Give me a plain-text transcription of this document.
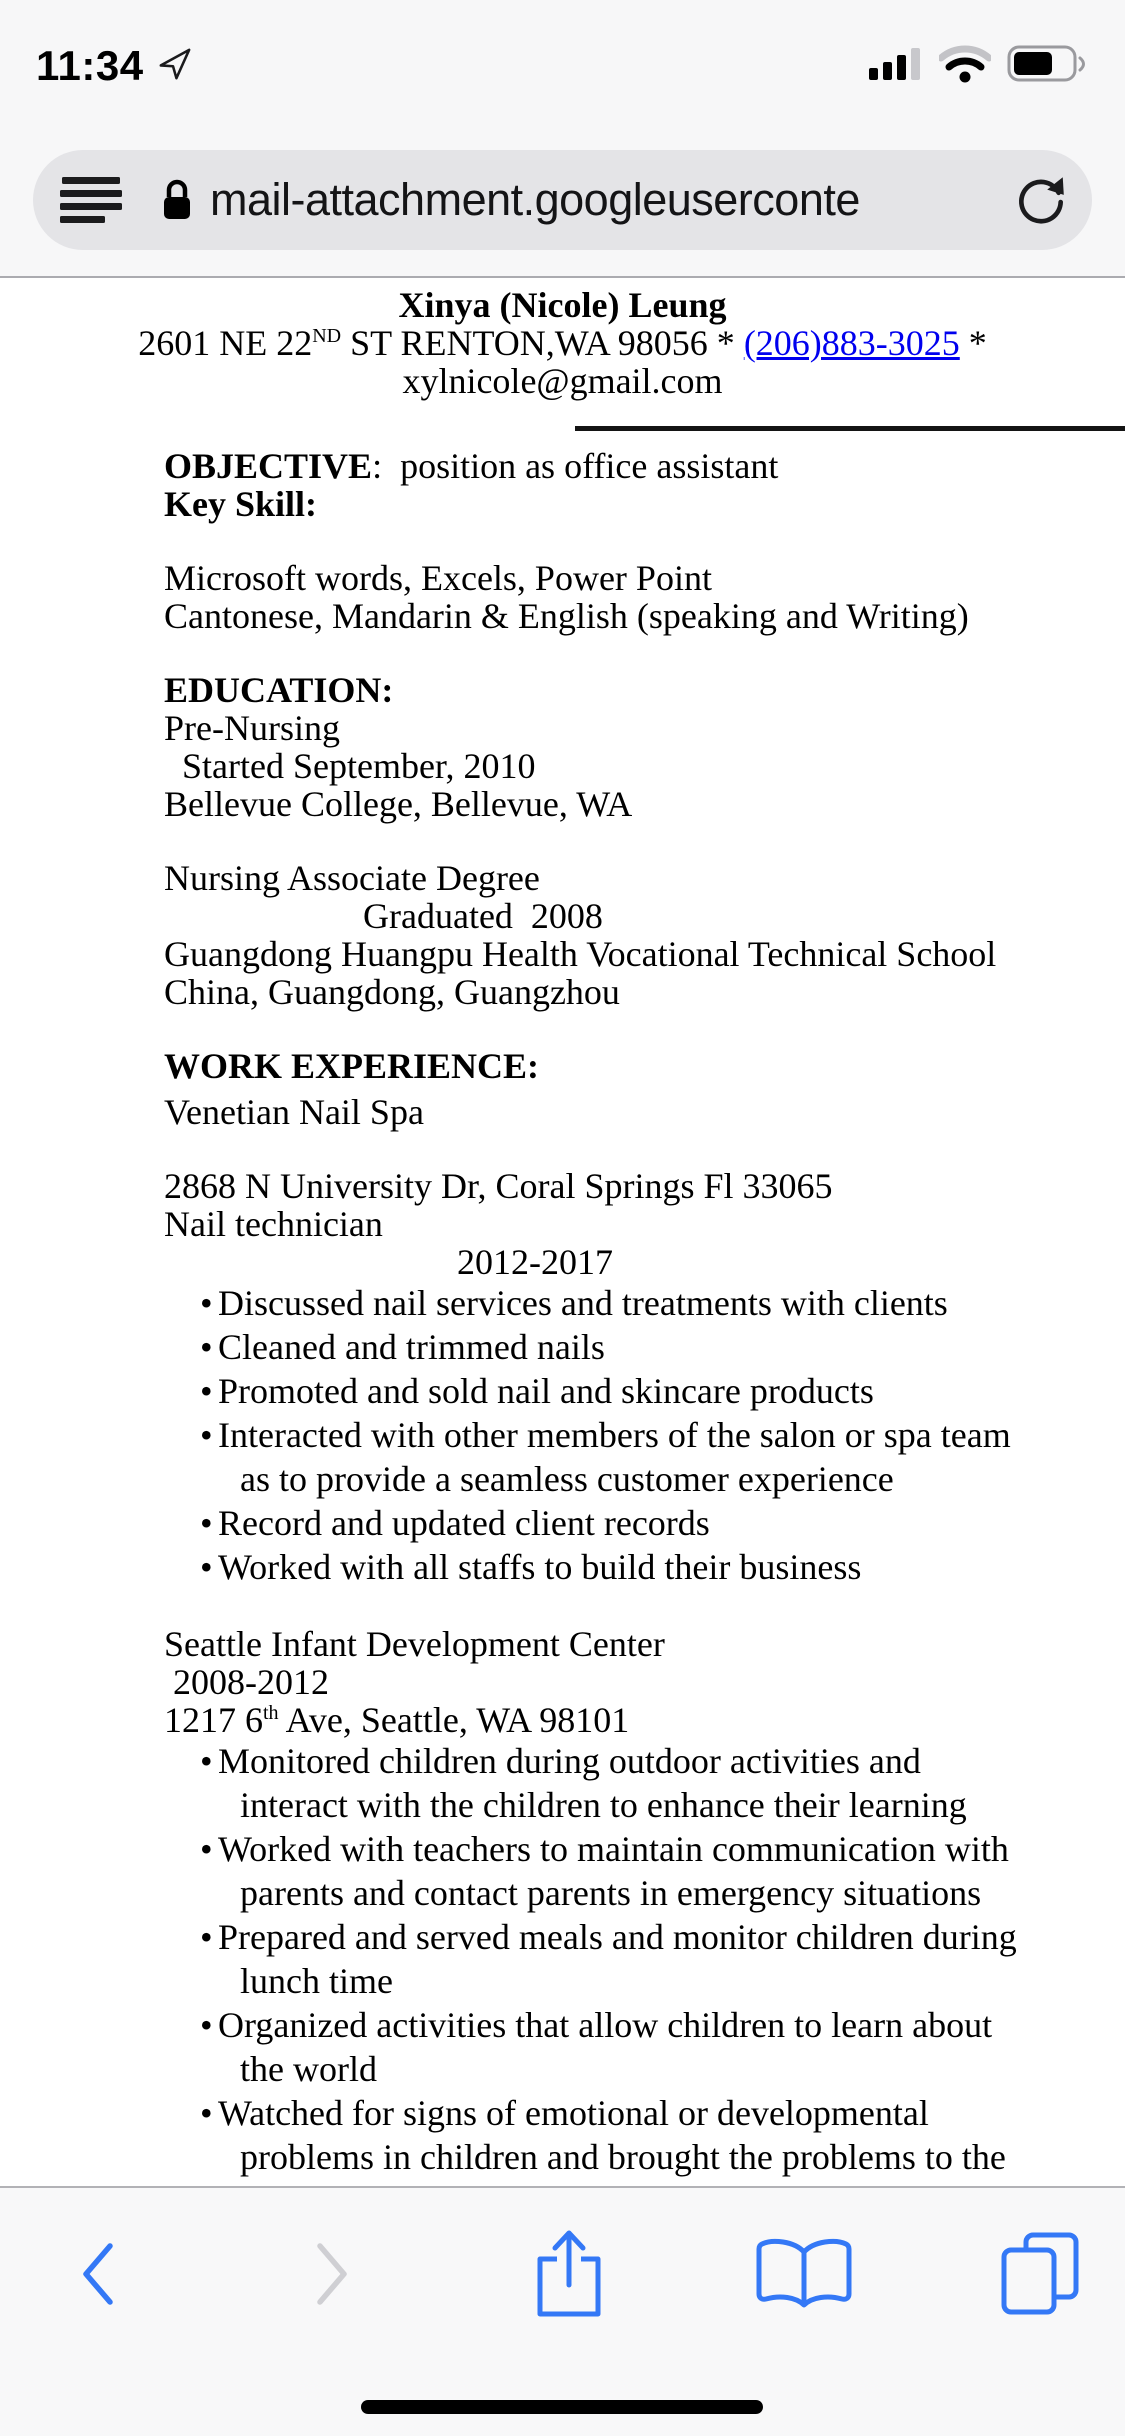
11:34
mail-attachment.googleuserconte
Xinya (Nicole) Leung
2601 NE 22ND ST RENTON,WA 98056 * (206)883-3025 *
xylnicole@gmail.com
OBJECTIVE:  position as office assistant
Key Skill:
Microsoft words, Excels, Power Point
Cantonese, Mandarin & English (speaking and Writing)
EDUCATION:
Pre-Nursing
Started September, 2010
Bellevue College, Bellevue, WA
Nursing Associate Degree
Graduated  2008
Guangdong Huangpu Health Vocational Technical School
China, Guangdong, Guangzhou
WORK EXPERIENCE:
Venetian Nail Spa
2868 N University Dr, Coral Springs Fl 33065
Nail technician
2012-2017
• Discussed nail services and treatments with clients
• Cleaned and trimmed nails
• Promoted and sold nail and skincare products
• Interacted with other members of the salon or spa team
as to provide a seamless customer experience
• Record and updated client records
• Worked with all staffs to build their business
Seattle Infant Development Center
2008-2012
1217 6th Ave, Seattle, WA 98101
• Monitored children during outdoor activities and
interact with the children to enhance their learning
• Worked with teachers to maintain communication with
parents and contact parents in emergency situations
• Prepared and served meals and monitor children during
lunch time
• Organized activities that allow children to learn about
the world
• Watched for signs of emotional or developmental
problems in children and brought the problems to the
